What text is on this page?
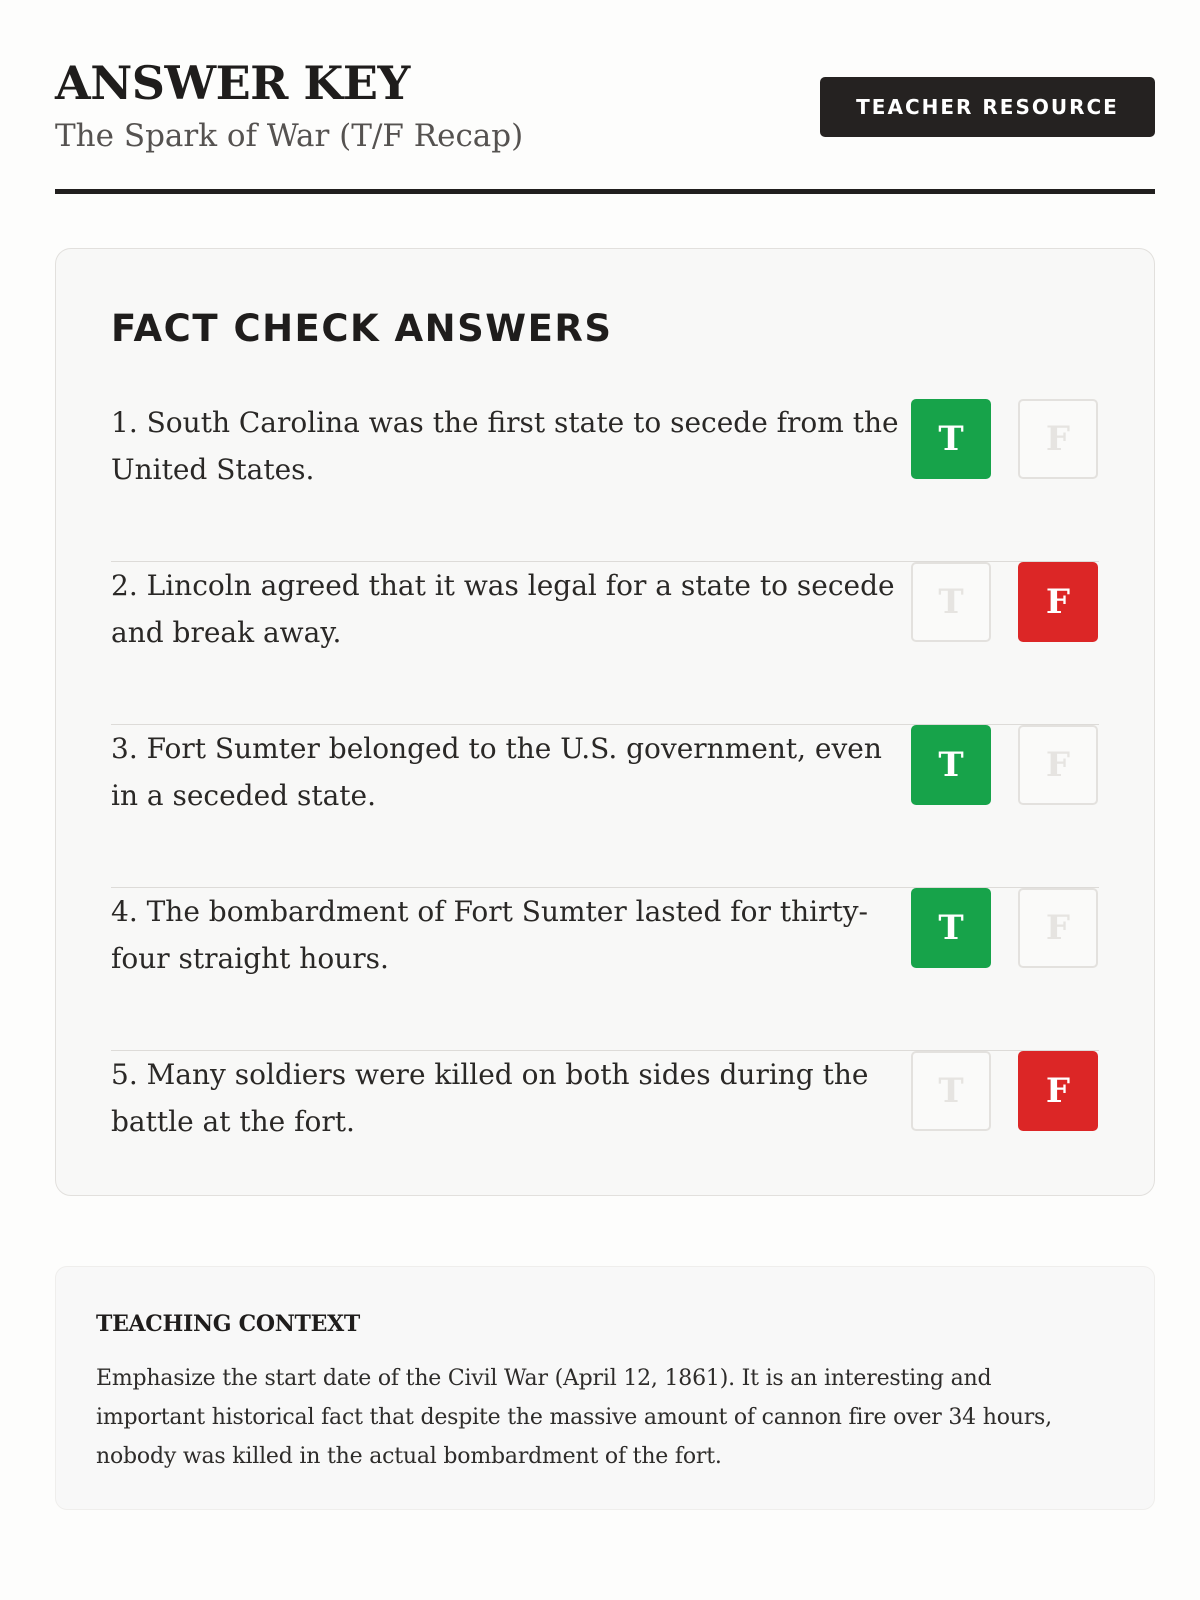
ANSWER KEY
The Spark of War (T/F Recap)
TEACHER RESOURCE
FACT CHECK ANSWERS
1. South Carolina was the first state to secede from the United States.
T	F
2. Lincoln agreed that it was legal for a state to secede and break away.
T	F
3. Fort Sumter belonged to the U.S. government, even in a seceded state.
T	F
4. The bombardment of Fort Sumter lasted for thirty-four straight hours.
T	F
5. Many soldiers were killed on both sides during the battle at the fort.
T	F
TEACHING CONTEXT
Emphasize the start date of the Civil War (April 12, 1861). It is an interesting and important historical fact that despite the massive amount of cannon fire over 34 hours, nobody was killed in the actual bombardment of the fort.
